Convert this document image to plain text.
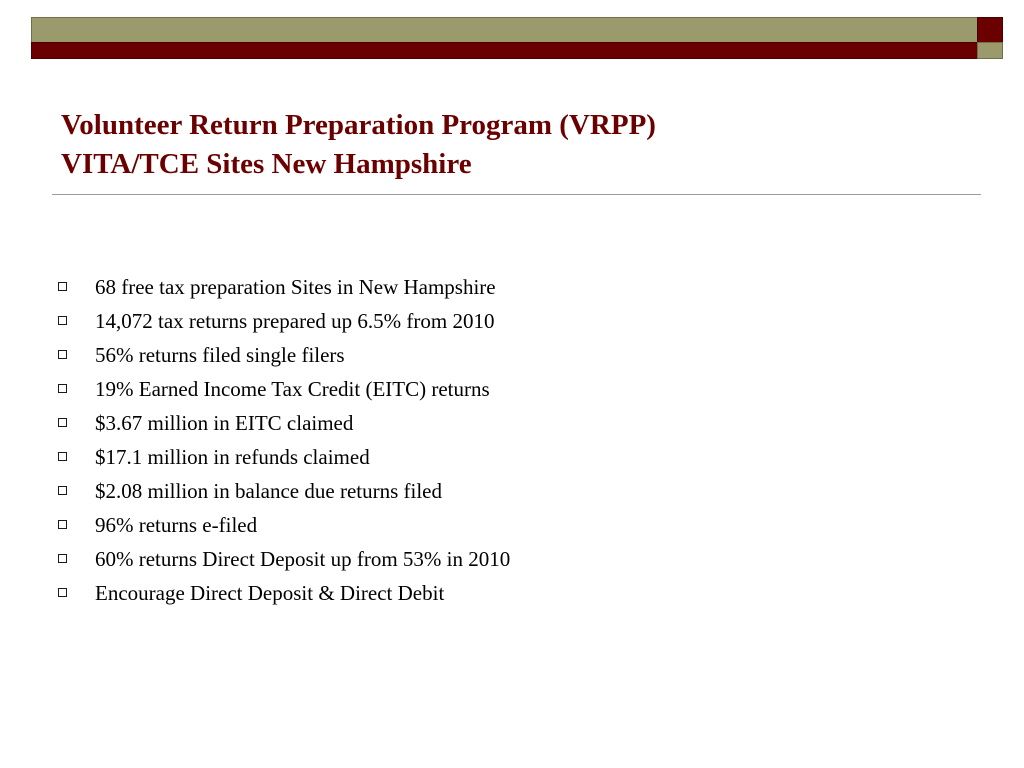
Volunteer Return Preparation Program (VRPP)
VITA/TCE Sites New Hampshire
68 free tax preparation Sites in New Hampshire
14,072 tax returns prepared up 6.5% from 2010
56% returns filed single filers
19% Earned Income Tax Credit (EITC) returns
$3.67 million in EITC claimed
$17.1 million in refunds claimed
$2.08 million in balance due returns filed
96% returns e-filed
60% returns Direct Deposit up from 53% in 2010
Encourage Direct Deposit & Direct Debit
